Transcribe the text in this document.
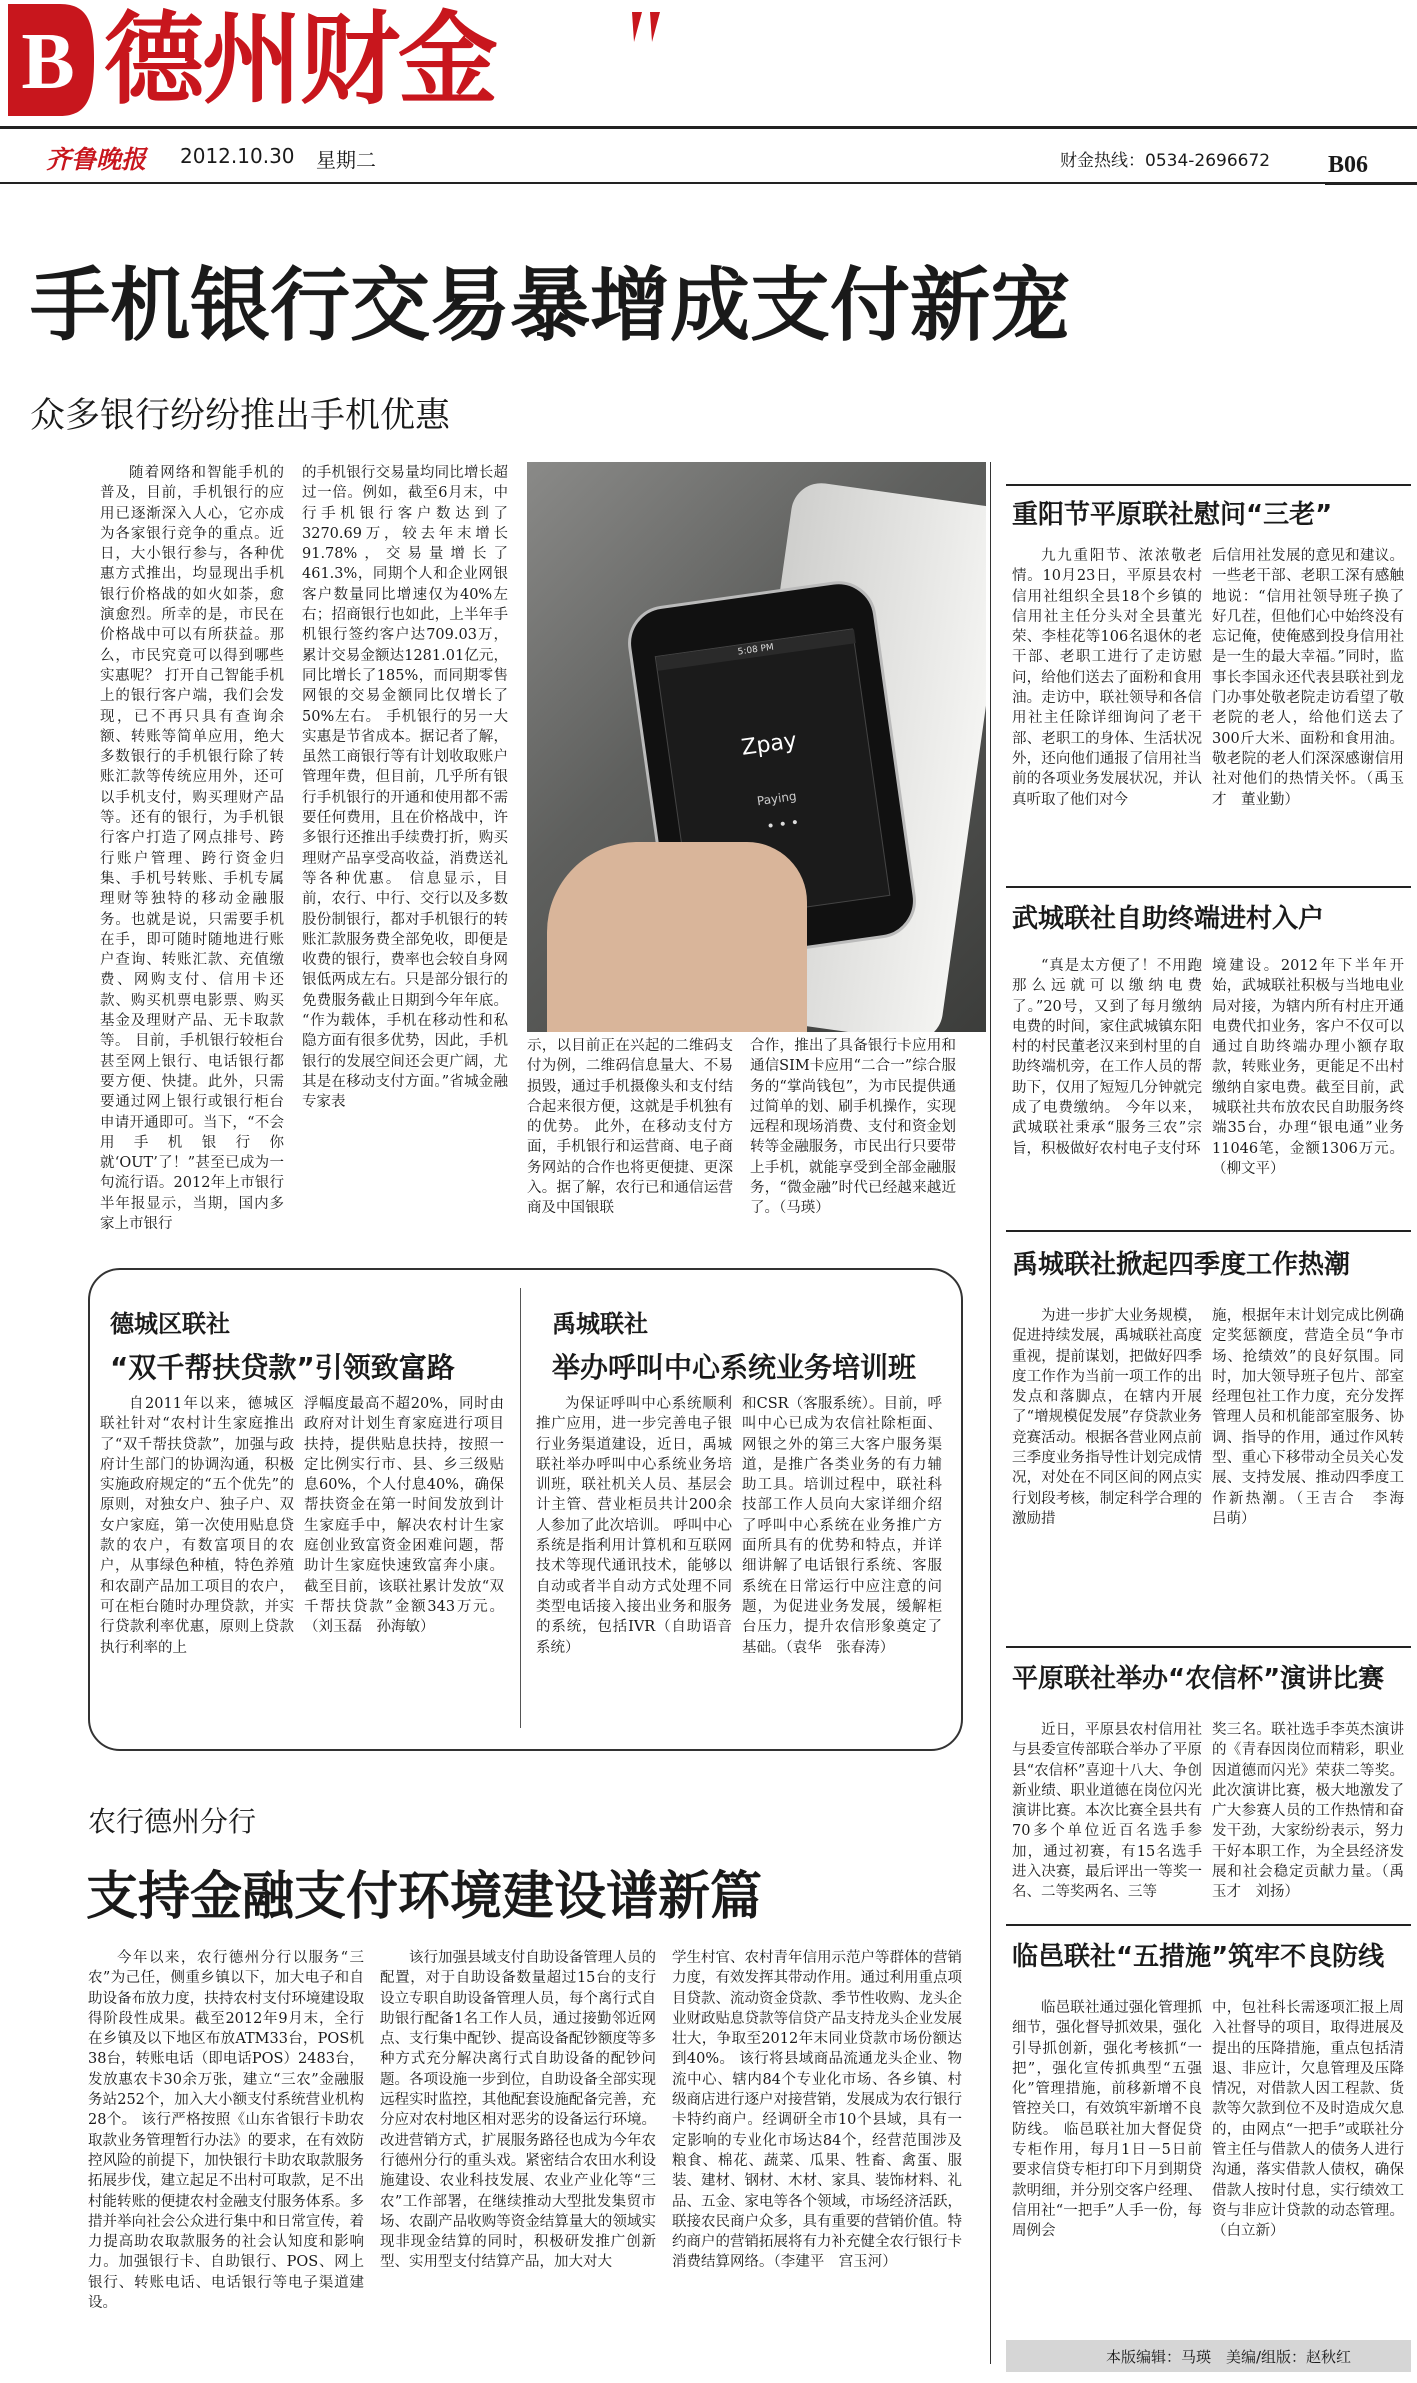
B 德州财金
齐鲁晚报 2012.10.30 星期二	财金热线：0534-2696672 B06
手机银行交易暴增成支付新宠
众多银行纷纷推出手机优惠

随着网络和智能手机的普及，目前，手机银行的应用已逐渐深入人心，它亦成为各家银行竞争的重点。近日，大小银行参与，各种优惠方式推出，均显现出手机银行价格战的如火如荼，愈演愈烈。所幸的是，市民在价格战中可以有所获益。那么，市民究竟可以得到哪些实惠呢？ 打开自己智能手机上的银行客户端，我们会发现，已不再只具有查询余额、转账等简单应用，绝大多数银行的手机银行除了转账汇款等传统应用外，还可以手机支付，购买理财产品等。还有的银行，为手机银行客户打造了网点排号、跨行账户管理、跨行资金归集、手机号转账、手机专属理财等独特的移动金融服务。也就是说，只需要手机在手，即可随时随地进行账户查询、转账汇款、充值缴费、网购支付、信用卡还款、购买机票电影票、购买基金及理财产品、无卡取款等。 目前，手机银行较柜台甚至网上银行、电话银行都要方便、快捷。此外，只需要通过网上银行或银行柜台申请开通即可。当下，“不会用手机银行你就‘OUT’了！”甚至已成为一句流行语。2012年上市银行半年报显示，当期，国内多家上市银行

的手机银行交易量均同比增长超过一倍。例如，截至6月末，中行手机银行客户数达到了3270.69万，较去年末增长91.78%，交易量增长了461.3%，同期个人和企业网银客户数量同比增速仅为40%左右；招商银行也如此，上半年手机银行签约客户达709.03万，累计交易金额达1281.01亿元，同比增长了185%，而同期零售网银的交易金额同比仅增长了50%左右。 手机银行的另一大实惠是节省成本。据记者了解，虽然工商银行等有计划收取账户管理年费，但目前，几乎所有银行手机银行的开通和使用都不需要任何费用，且在价格战中，许多银行还推出手续费打折，购买理财产品享受高收益，消费送礼等各种优惠。 信息显示，目前，农行、中行、交行以及多数股份制银行，都对手机银行的转账汇款服务费全部免收，即便是收费的银行，费率也会较自身网银低两成左右。只是部分银行的免费服务截止日期到今年年底。 “作为载体，手机在移动性和私隐方面有很多优势，因此，手机银行的发展空间还会更广阔，尤其是在移动支付方面。”省城金融专家表

5:08 PM
Zpay
Paying
•••

示，以目前正在兴起的二维码支付为例，二维码信息量大、不易损毁，通过手机摄像头和支付结合起来很方便，这就是手机独有的优势。 此外，在移动支付方面，手机银行和运营商、电子商务网站的合作也将更便捷、更深入。据了解，农行已和通信运营商及中国银联

合作，推出了具备银行卡应用和通信SIM卡应用“二合一”综合服务的“掌尚钱包”，为市民提供通过简单的划、刷手机操作，实现远程和现场消费、支付和资金划转等金融服务，市民出行只要带上手机，就能享受到全部金融服务，“微金融”时代已经越来越近了。（马瑛）

德城区联社
“双千帮扶贷款”引领致富路

自2011年以来，德城区联社针对“农村计生家庭推出了“双千帮扶贷款”，加强与政府计生部门的协调沟通，积极实施政府规定的“五个优先”的原则，对独女户、独子户、双女户家庭，第一次使用贴息贷款的农户，有数富项目的农户，从事绿色种植，特色养殖和农副产品加工项目的农户，可在柜台随时办理贷款，并实行贷款利率优惠，原则上贷款执行利率的上

浮幅度最高不超20%，同时由政府对计划生育家庭进行项目扶持，提供贴息扶持，按照一定比例实行市、县、乡三级贴息60%，个人付息40%，确保帮扶资金在第一时间发放到计生家庭手中，解决农村计生家庭创业致富资金困难问题，帮助计生家庭快速致富奔小康。截至目前，该联社累计发放“双千帮扶贷款”金额343万元。（刘玉磊　孙海敏）

禹城联社
举办呼叫中心系统业务培训班

为保证呼叫中心系统顺利推广应用，进一步完善电子银行业务渠道建设，近日，禹城联社举办呼叫中心系统业务培训班，联社机关人员、基层会计主管、营业柜员共计200余人参加了此次培训。 呼叫中心系统是指利用计算机和互联网技术等现代通讯技术，能够以自动或者半自动方式处理不同类型电话接入接出业务和服务的系统，包括IVR（自助语音系统）

和CSR（客服系统）。目前，呼叫中心已成为农信社除柜面、网银之外的第三大客户服务渠道，是推广各类业务的有力辅助工具。培训过程中，联社科技部工作人员向大家详细介绍了呼叫中心系统在业务推广方面所具有的优势和特点，并详细讲解了电话银行系统、客服系统在日常运行中应注意的问题，为促进业务发展，缓解柜台压力，提升农信形象奠定了基础。（袁华　张春涛）

农行德州分行
支持金融支付环境建设谱新篇

今年以来，农行德州分行以服务“三农”为己任，侧重乡镇以下，加大电子和自助设备布放力度，扶持农村支付环境建设取得阶段性成果。截至2012年9月末，全行在乡镇及以下地区布放ATM33台，POS机38台，转账电话（即电话POS）2483台，发放惠农卡30余万张，建立“三农”金融服务站252个，加入大小额支付系统营业机构28个。 该行严格按照《山东省银行卡助农取款业务管理暂行办法》的要求，在有效防控风险的前提下，加快银行卡助农取款服务拓展步伐，建立起足不出村可取款，足不出村能转账的便捷农村金融支付服务体系。多措并举向社会公众进行集中和日常宣传，着力提高助农取款服务的社会认知度和影响力。加强银行卡、自助银行、POS、网上银行、转账电话、电话银行等电子渠道建设。

该行加强县域支付自助设备管理人员的配置，对于自助设备数量超过15台的支行设立专职自助设备管理人员，每个离行式自助银行配备1名工作人员，通过接勤邻近网点、支行集中配钞、提高设备配钞额度等多种方式充分解决离行式自助设备的配钞问题。各项设施一步到位，自助设备全部实现远程实时监控，其他配套设施配备完善，充分应对农村地区相对恶劣的设备运行环境。 改进营销方式，扩展服务路径也成为今年农行德州分行的重头戏。紧密结合农田水利设施建设、农业科技发展、农业产业化等“三农”工作部署，在继续推动大型批发集贸市场、农副产品收购等资金结算量大的领域实现非现金结算的同时，积极研发推广创新型、实用型支付结算产品，加大对大

学生村官、农村青年信用示范户等群体的营销力度，有效发挥其带动作用。通过利用重点项目贷款、流动资金贷款、季节性收购、龙头企业财政贴息贷款等信贷产品支持龙头企业发展壮大，争取至2012年末同业贷款市场份额达到40%。 该行将县域商品流通龙头企业、物流中心、辖内84个专业化市场、各乡镇、村级商店进行逐户对接营销，发展成为农行银行卡特约商户。经调研全市10个县域，具有一定影响的专业化市场达84个，经营范围涉及粮食、棉花、蔬菜、瓜果、牲畜、禽蛋、服装、建材、钢材、木材、家具、装饰材料、礼品、五金、家电等各个领域，市场经济活跃，联接农民商户众多，具有重要的营销价值。特约商户的营销拓展将有力补充健全农行银行卡消费结算网络。（李建平　宫玉河）

重阳节平原联社慰问“三老”

九九重阳节、浓浓敬老情。10月23日，平原县农村信用社组织全县18个乡镇的信用社主任分头对全县董光荣、李桂花等106名退休的老干部、老职工进行了走访慰问，给他们送去了面粉和食用油。走访中，联社领导和各信用社主任除详细询问了老干部、老职工的身体、生活状况外，还向他们通报了信用社当前的各项业务发展状况，并认真听取了他们对今

后信用社发展的意见和建议。一些老干部、老职工深有感触地说：“信用社领导班子换了好几茬，但他们心中始终没有忘记俺，使俺感到投身信用社是一生的最大幸福。”同时，监事长李国永还代表县联社到龙门办事处敬老院走访看望了敬老院的老人，给他们送去了300斤大米、面粉和食用油。敬老院的老人们深深感谢信用社对他们的热情关怀。（禹玉才　董业勤）

武城联社自助终端进村入户

“真是太方便了！不用跑那么远就可以缴纳电费了。”20号，又到了每月缴纳电费的时间，家住武城镇东阳村的村民董老汉来到村里的自助终端机旁，在工作人员的帮助下，仅用了短短几分钟就完成了电费缴纳。 今年以来，武城联社秉承“服务三农”宗旨，积极做好农村电子支付环

境建设。2012年下半年开始，武城联社积极与当地电业局对接，为辖内所有村庄开通电费代扣业务，客户不仅可以通过自助终端办理小额存取款，转账业务，更能足不出村缴纳自家电费。截至目前，武城联社共布放农民自助服务终端35台，办理“银电通”业务11046笔，金额1306万元。（柳文平）

禹城联社掀起四季度工作热潮

为进一步扩大业务规模，促进持续发展，禹城联社高度重视，提前谋划，把做好四季度工作作为当前一项工作的出发点和落脚点，在辖内开展了“增规模促发展”存贷款业务竞赛活动。根据各营业网点前三季度业务指导性计划完成情况，对处在不同区间的网点实行划段考核，制定科学合理的激励措

施，根据年末计划完成比例确定奖惩额度，营造全员“争市场、抢绩效”的良好氛围。同时，加大领导班子包片、部室经理包社工作力度，充分发挥管理人员和机能部室服务、协调、指导的作用，通过作风转型、重心下移带动全员关心发展、支持发展、推动四季度工作新热潮。（王吉合　李海　吕萌）

平原联社举办“农信杯”演讲比赛

近日，平原县农村信用社与县委宣传部联合举办了平原县“农信杯”喜迎十八大、争创新业绩、职业道德在岗位闪光演讲比赛。本次比赛全县共有70多个单位近百名选手参加，通过初赛，有15名选手进入决赛，最后评出一等奖一名、二等奖两名、三等

奖三名。联社选手李英杰演讲的《青春因岗位而精彩，职业因道德而闪光》荣获二等奖。此次演讲比赛，极大地激发了广大参赛人员的工作热情和奋发干劲，大家纷纷表示，努力干好本职工作，为全县经济发展和社会稳定贡献力量。（禹玉才　刘扬）

临邑联社“五措施”筑牢不良防线

临邑联社通过强化管理抓细节，强化督导抓效果，强化引导抓创新，强化考核抓“一把”，强化宣传抓典型“五强化”管理措施，前移新增不良管控关口，有效筑牢新增不良防线。 临邑联社加大督促贷专柜作用，每月1日－5日前要求信贷专柜打印下月到期贷款明细，并分别交客户经理、信用社“一把手”人手一份，每周例会

中，包社科长需逐项汇报上周入社督导的项目，取得进展及提出的压降措施，重点包括清退、非应计，欠息管理及压降情况，对借款人因工程款、货款等欠款到位不及时造成欠息的，由网点“一把手”或联社分管主任与借款人的债务人进行沟通，落实借款人债权，确保借款人按时付息，实行绩效工资与非应计贷款的动态管理。（白立新）

本版编辑：马瑛　美编/组版：赵秋红
